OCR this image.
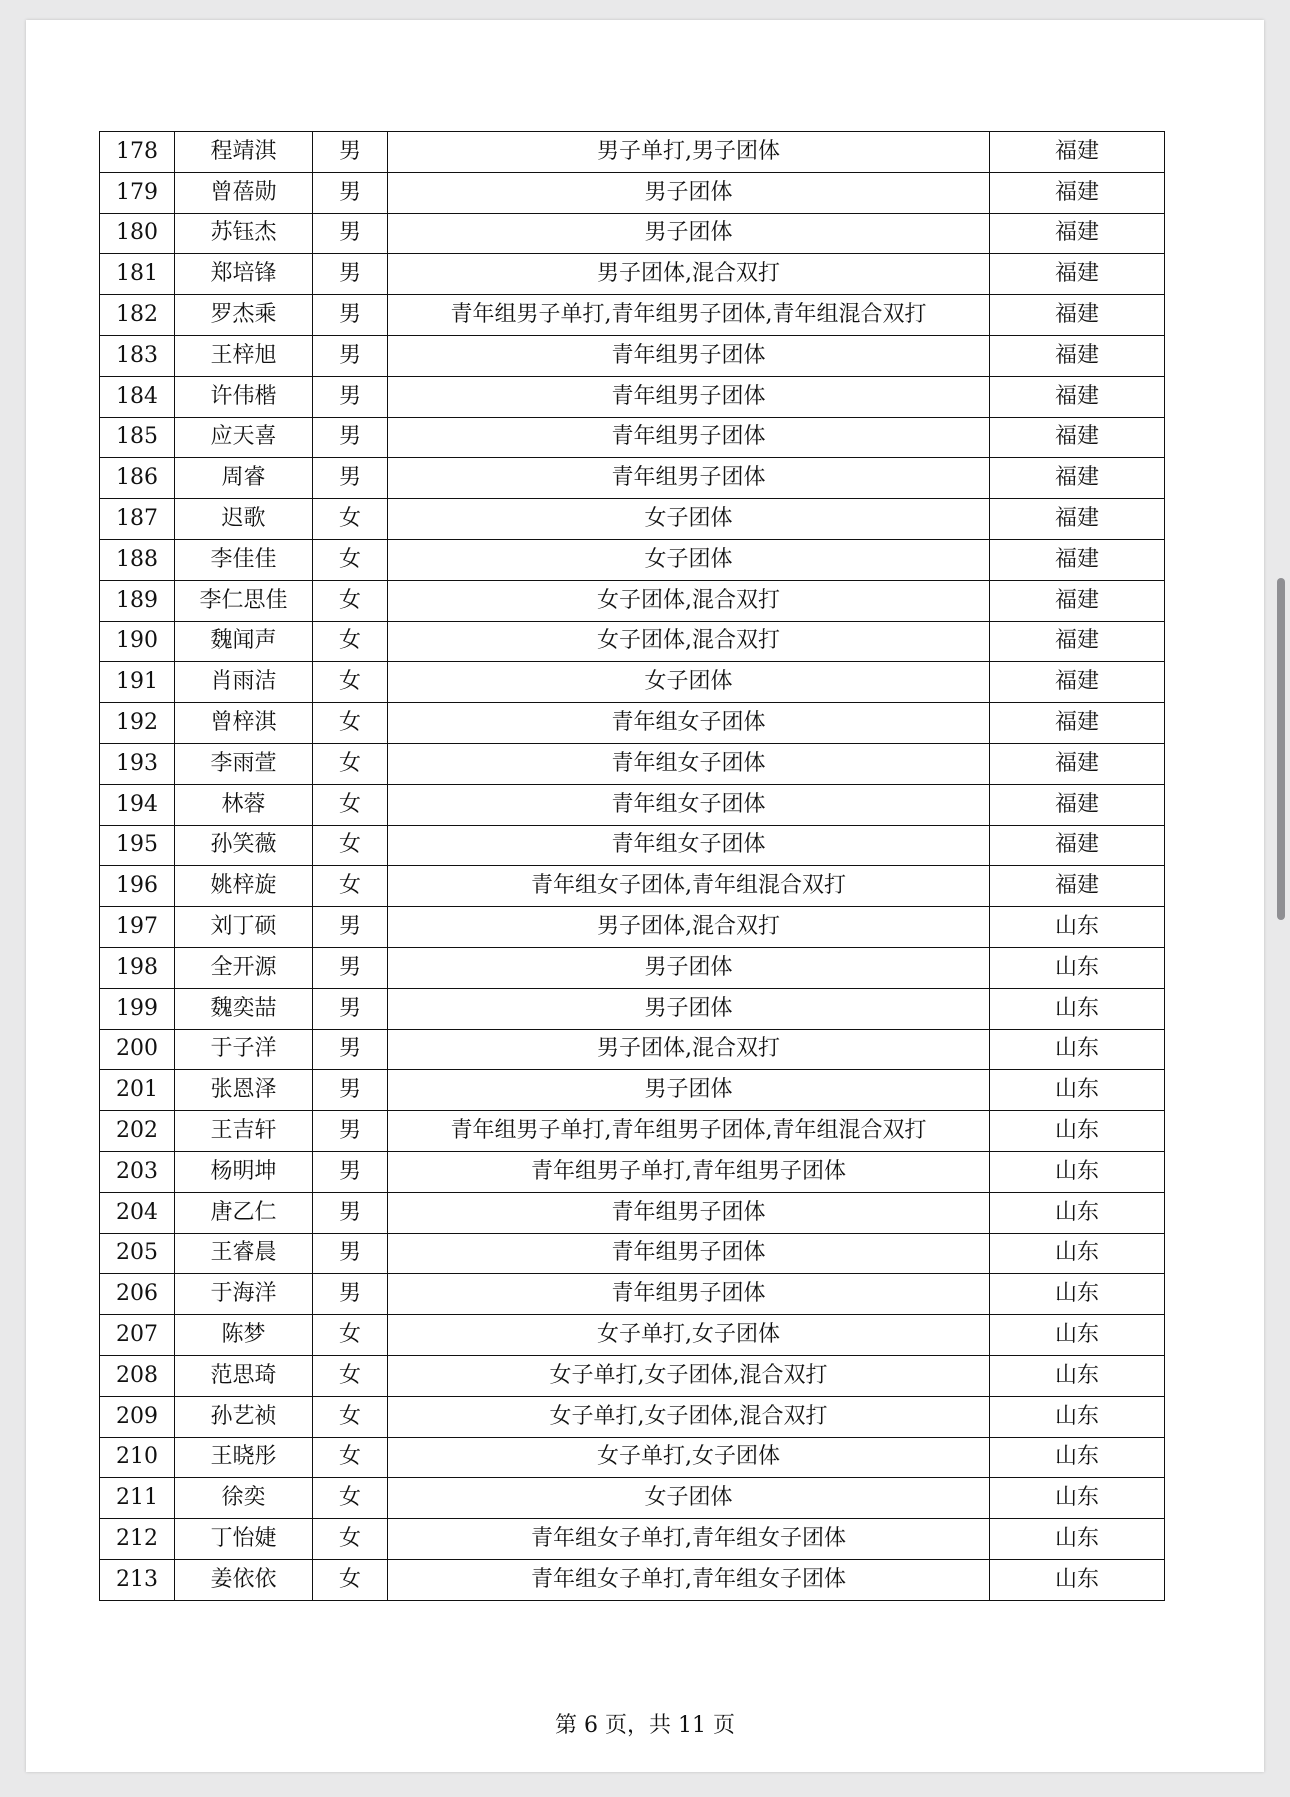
178	程靖淇	男	男子单打,男子团体	福建
179	曾蓓勋	男	男子团体	福建
180	苏钰杰	男	男子团体	福建
181	郑培锋	男	男子团体,混合双打	福建
182	罗杰乘	男	青年组男子单打,青年组男子团体,青年组混合双打	福建
183	王梓旭	男	青年组男子团体	福建
184	许伟楷	男	青年组男子团体	福建
185	应天喜	男	青年组男子团体	福建
186	周睿	男	青年组男子团体	福建
187	迟歌	女	女子团体	福建
188	李佳佳	女	女子团体	福建
189	李仁思佳	女	女子团体,混合双打	福建
190	魏闻声	女	女子团体,混合双打	福建
191	肖雨洁	女	女子团体	福建
192	曾梓淇	女	青年组女子团体	福建
193	李雨萱	女	青年组女子团体	福建
194	林蓉	女	青年组女子团体	福建
195	孙笑薇	女	青年组女子团体	福建
196	姚梓旋	女	青年组女子团体,青年组混合双打	福建
197	刘丁硕	男	男子团体,混合双打	山东
198	全开源	男	男子团体	山东
199	魏奕喆	男	男子团体	山东
200	于子洋	男	男子团体,混合双打	山东
201	张恩泽	男	男子团体	山东
202	王吉轩	男	青年组男子单打,青年组男子团体,青年组混合双打	山东
203	杨明坤	男	青年组男子单打,青年组男子团体	山东
204	唐乙仁	男	青年组男子团体	山东
205	王睿晨	男	青年组男子团体	山东
206	于海洋	男	青年组男子团体	山东
207	陈梦	女	女子单打,女子团体	山东
208	范思琦	女	女子单打,女子团体,混合双打	山东
209	孙艺祯	女	女子单打,女子团体,混合双打	山东
210	王晓彤	女	女子单打,女子团体	山东
211	徐奕	女	女子团体	山东
212	丁怡婕	女	青年组女子单打,青年组女子团体	山东
213	姜依依	女	青年组女子单打,青年组女子团体	山东
第 6 页，共 11 页
